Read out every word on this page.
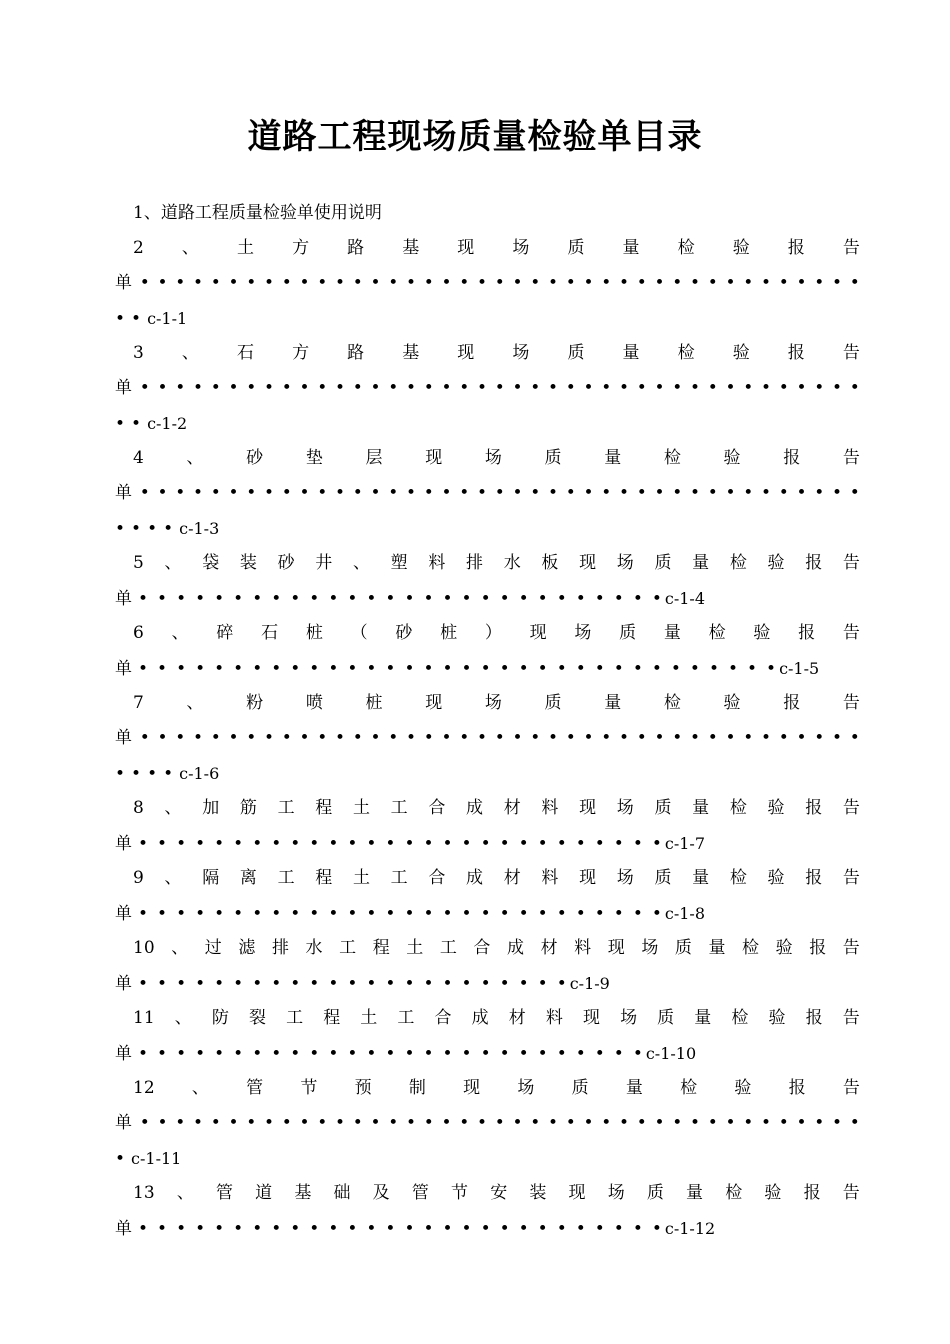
道路工程现场质量检验单目录
1、道路工程质量检验单使用说明
2 、 土 方 路 基 现 场 质 量 检 验 报 告
单 • • • • • • • • • • • • • • • • • • • • • • • • • • • • • • • • • • • • • • • • •
• • c-1-1
3 、 石 方 路 基 现 场 质 量 检 验 报 告
单 • • • • • • • • • • • • • • • • • • • • • • • • • • • • • • • • • • • • • • • • •
• • c-1-2
4	、	砂	垫	层	现	场	质	量	检	验	报	告
单 • • • • • • • • • • • • • • • • • • • • • • • • • • • • • • • • • • • • • • • • •
• • • • c-1-3
5 、 袋 装 砂 井 、 塑 料 排 水 板 现 场 质 量 检 验 报 告
单 • • • • • • • • • • • • • • • • • • • • • • • • • • • • c-1-4
6 、 碎 石 桩 （ 砂 桩 ） 现 场 质 量 检 验 报 告
单 • • • • • • • • • • • • • • • • • • • • • • • • • • • • • • • • • • c-1-5
7	、	粉	喷	桩	现	场	质	量	检	验	报	告
单 • • • • • • • • • • • • • • • • • • • • • • • • • • • • • • • • • • • • • • • • •
• • • • c-1-6
8 、 加 筋 工 程 土 工 合 成 材 料 现 场 质 量 检 验 报 告
单 • • • • • • • • • • • • • • • • • • • • • • • • • • • • c-1-7
9 、 隔 离 工 程 土 工 合 成 材 料 现 场 质 量 检 验 报 告
单 • • • • • • • • • • • • • • • • • • • • • • • • • • • • c-1-8
10 、 过 滤 排 水 工 程 土 工 合 成 材 料 现 场 质 量 检 验 报 告
单 • • • • • • • • • • • • • • • • • • • • • • • c-1-9
11 、 防 裂 工 程 土 工 合 成 材 料 现 场 质 量 检 验 报 告
单 • • • • • • • • • • • • • • • • • • • • • • • • • • • c-1-10
12 、 管 节 预 制 现 场 质 量 检 验 报 告
单 • • • • • • • • • • • • • • • • • • • • • • • • • • • • • • • • • • • • • • • • •
• c-1-11
13 、 管 道 基 础 及 管 节 安 装 现 场 质 量 检 验 报 告
单 • • • • • • • • • • • • • • • • • • • • • • • • • • • • c-1-12
